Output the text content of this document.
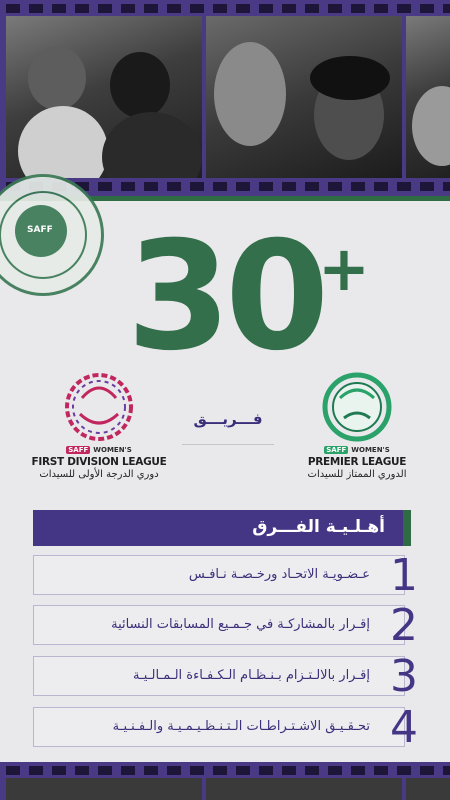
SAFF 30
+
SAFF WOMEN'S
FIRST DIVISION LEAGUE
دوري الدرجة الأولى للسيدات
فـــريـــق
SAFF WOMEN'S
PREMIER LEAGUE
الدوري الممتاز للسيدات
أهـلـيـة الفـــرق
عـضـويـة الاتحـاد ورخـصـة نـافـس 1
إقـرار بالمشاركـة في جـمـيع المسابقات النسائية 2
إقـرار بالالـتـزام بـنـظـام الـكـفـاءة الـمـالـيـة 3
تحـقـيـق الاشـتـراطـات الـتـنـظـيـمـيـة والـفـنـيـة 4
